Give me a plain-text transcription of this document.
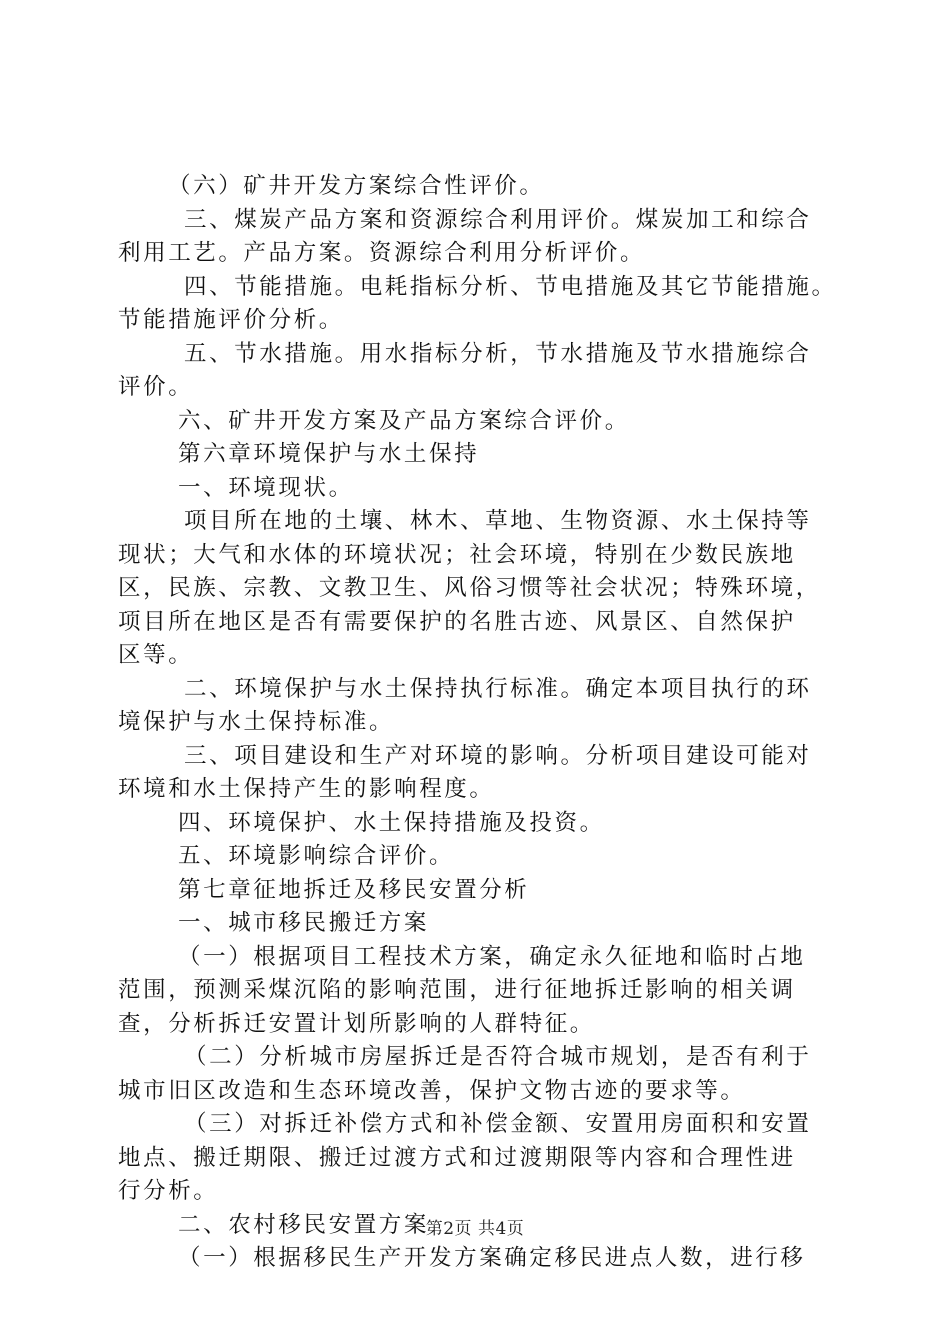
（六）矿井开发方案综合性评价。
三、煤炭产品方案和资源综合利用评价。煤炭加工和综合
利用工艺。产品方案。资源综合利用分析评价。
四、节能措施。电耗指标分析、节电措施及其它节能措施。
节能措施评价分析。
五、节水措施。用水指标分析，节水措施及节水措施综合
评价。
六、矿井开发方案及产品方案综合评价。
第六章环境保护与水土保持
一、环境现状。
项目所在地的土壤、林木、草地、生物资源、水土保持等
现状；大气和水体的环境状况；社会环境，特别在少数民族地
区，民族、宗教、文教卫生、风俗习惯等社会状况；特殊环境，
项目所在地区是否有需要保护的名胜古迹、风景区、自然保护
区等。
二、环境保护与水土保持执行标准。确定本项目执行的环
境保护与水土保持标准。
三、项目建设和生产对环境的影响。分析项目建设可能对
环境和水土保持产生的影响程度。
四、环境保护、水土保持措施及投资。
五、环境影响综合评价。
第七章征地拆迁及移民安置分析
一、城市移民搬迁方案
（一）根据项目工程技术方案，确定永久征地和临时占地
范围，预测采煤沉陷的影响范围，进行征地拆迁影响的相关调
查，分析拆迁安置计划所影响的人群特征。
（二）分析城市房屋拆迁是否符合城市规划，是否有利于
城市旧区改造和生态环境改善，保护文物古迹的要求等。
（三）对拆迁补偿方式和补偿金额、安置用房面积和安置
地点、搬迁期限、搬迁过渡方式和过渡期限等内容和合理性进
行分析。
二、农村移民安置方案
（一）根据移民生产开发方案确定移民进点人数，进行移
第2页 共4页
